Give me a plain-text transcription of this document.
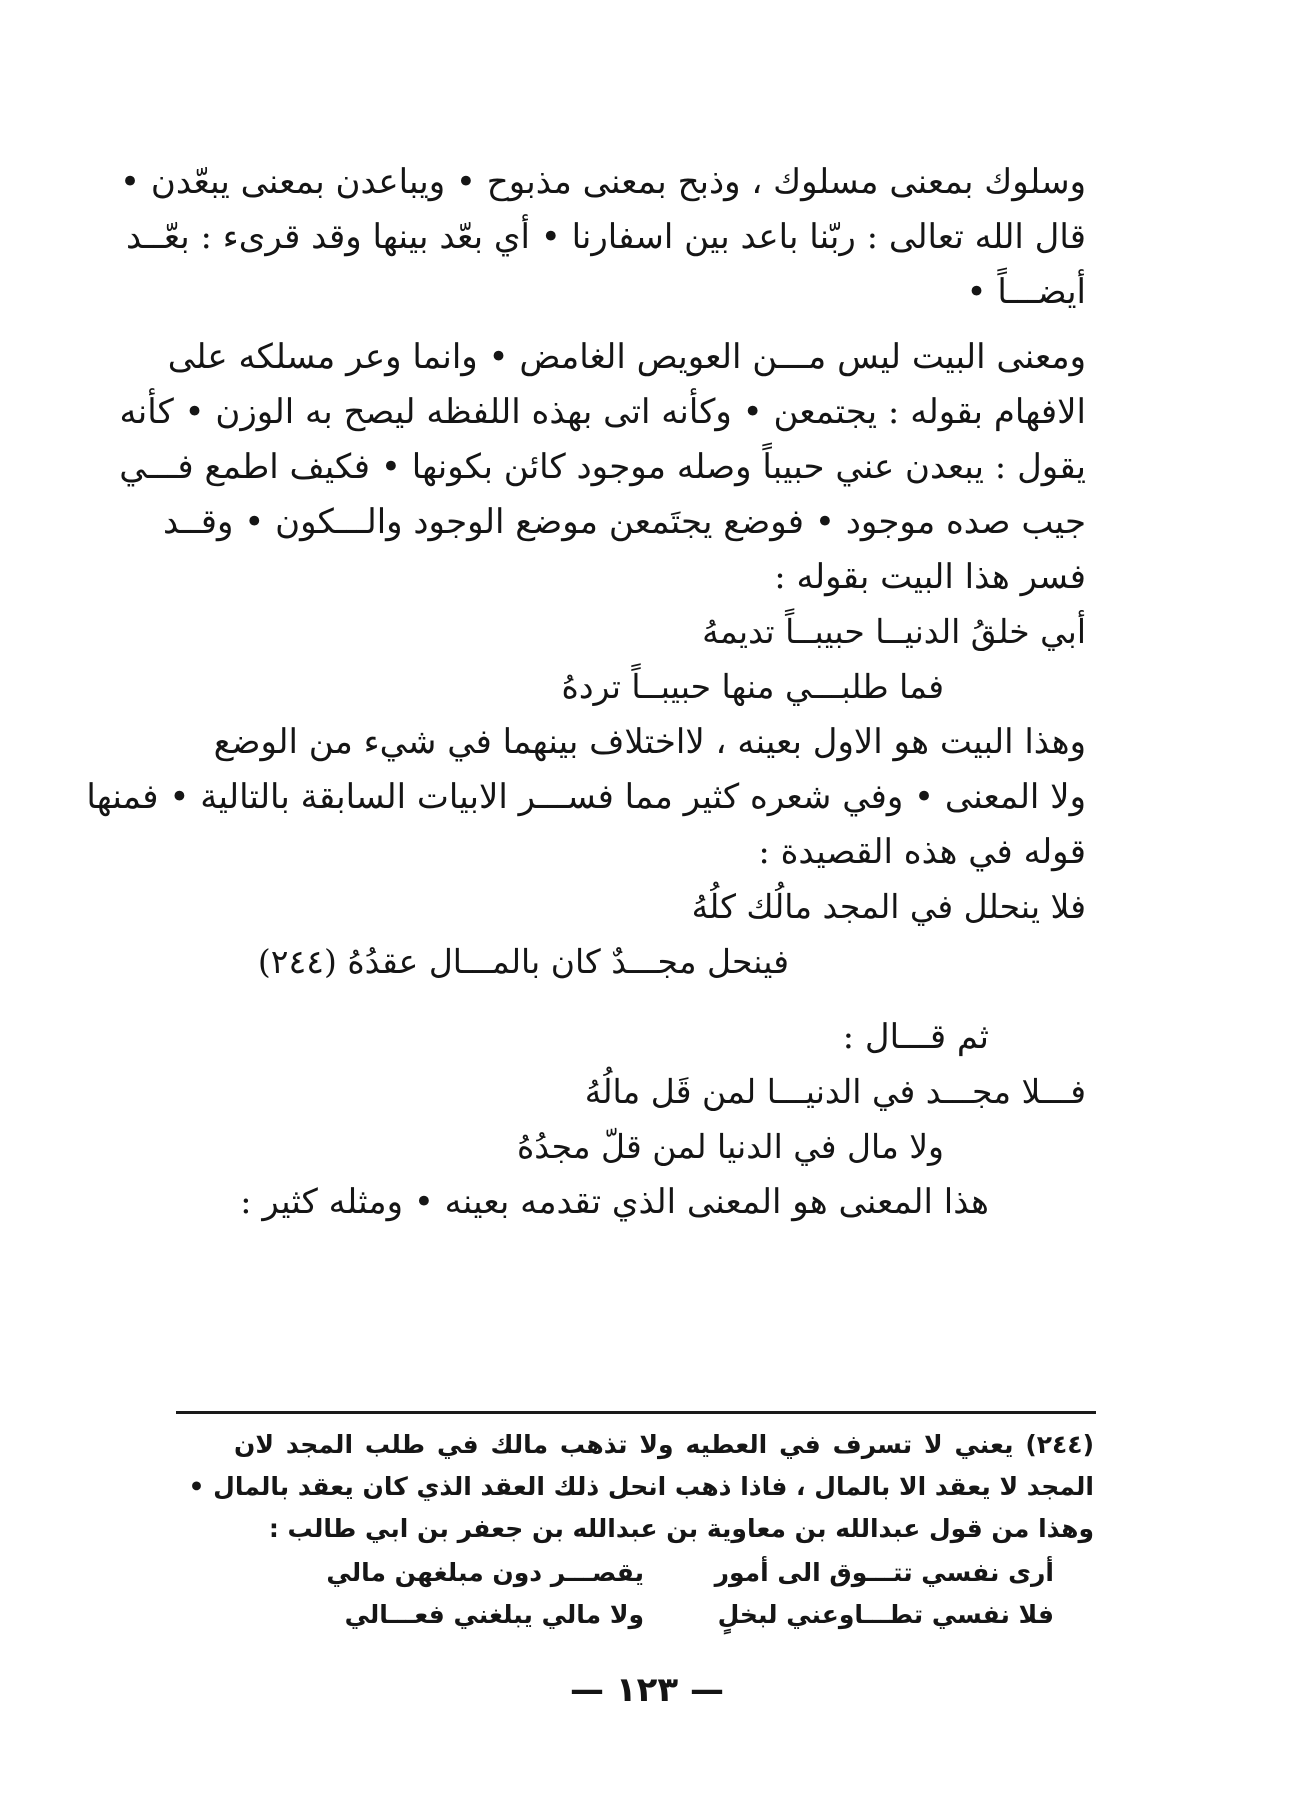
وسلوك بمعنى مسلوك ، وذبح بمعنى مذبوح • ويباعدن بمعنى يبعّدن •
قال الله تعالى : ربّنا باعد بين اسفارنا • أي بعّد بينها وقد قرىء : بعّــد
أيضـــاً •
ومعنى البيت ليس مـــن العويص الغامض • وانما وعر مسلكه على
الافهام بقوله : يجتمعن • وكأنه اتى بهذه اللفظه ليصح به الوزن • كأنه
يقول : يبعدن عني حبيباً وصله موجود كائن بكونها • فكيف اطمع فـــي
جيب صده موجود • فوضع يجتَمعن موضع الوجود والـــكون • وقــد
فسر هذا البيت بقوله :
أبي خلقُ الدنيــا حبيبــاً تديمهُ
فما طلبـــي منها حبيبــاً تردهُ
وهذا البيت هو الاول بعينه ، لااختلاف بينهما في شيء من الوضع
ولا المعنى • وفي شعره كثير مما فســـر الابيات السابقة بالتالية • فمنها
قوله في هذه القصيدة :
فلا ينحلل في المجد مالُك كلُهُ
فينحل مجـــدٌ كان بالمـــال عقدُهُ (٢٤٤)
ثم قـــال :
فـــلا مجـــد في الدنيـــا لمن قَل مالُهُ
ولا مال في الدنيا لمن قلّ مجدُهُ
هذا المعنى هو المعنى الذي تقدمه بعينه • ومثله كثير :
(٢٤٤) يعني لا تسرف في العطيه ولا تذهب مالك في طلب المجد لان
المجد لا يعقد الا بالمال ، فاذا ذهب انحل ذلك العقد الذي كان يعقد بالمال •
وهذا من قول عبدالله بن معاوية بن عبدالله بن جعفر بن ابي طالب :
أرى نفسي تتـــوق الى أمور
يقصـــر دون مبلغهن مالي
فلا نفسي تطـــاوعني لبخلٍ
ولا مالي يبلغني فعـــالي
— ١٢٣ —
